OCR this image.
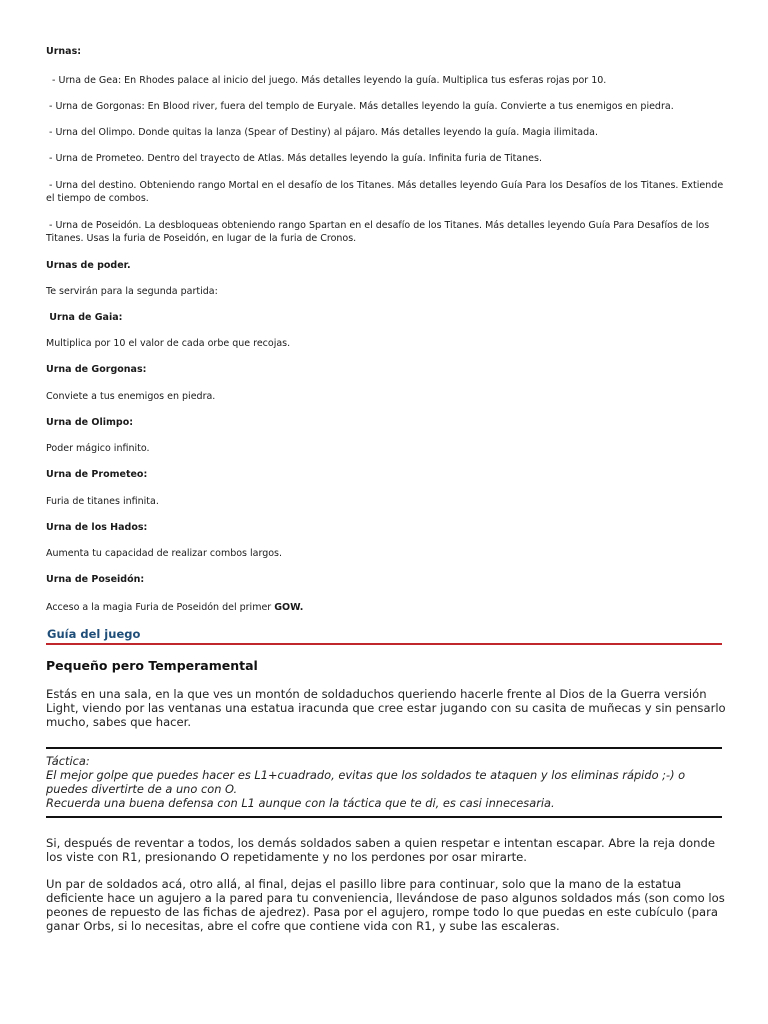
Urnas:

- Urna de Gea: En Rhodes palace al inicio del juego. Más detalles leyendo la guía. Multiplica tus esferas rojas por 10.

- Urna de Gorgonas: En Blood river, fuera del templo de Euryale. Más detalles leyendo la guía. Convierte a tus enemigos en piedra.

- Urna del Olimpo. Donde quitas la lanza (Spear of Destiny) al pájaro. Más detalles leyendo la guía. Magia ilimitada.

- Urna de Prometeo. Dentro del trayecto de Atlas. Más detalles leyendo la guía. Infinita furia de Titanes.

- Urna del destino. Obteniendo rango Mortal en el desafío de los Titanes. Más detalles leyendo Guía Para los Desafíos de los Titanes. Extiende el tiempo de combos.

- Urna de Poseidón. La desbloqueas obteniendo rango Spartan en el desafío de los Titanes. Más detalles leyendo Guía Para Desafíos de los Titanes. Usas la furia de Poseidón, en lugar de la furia de Cronos.

Urnas de poder.

Te servirán para la segunda partida:

Urna de Gaia:

Multiplica por 10 el valor de cada orbe que recojas.

Urna de Gorgonas:

Conviete a tus enemigos en piedra.

Urna de Olimpo:

Poder mágico infinito.

Urna de Prometeo:

Furia de titanes infinita.

Urna de los Hados:

Aumenta tu capacidad de realizar combos largos.

Urna de Poseidón:

Acceso a la magia Furia de Poseidón del primer GOW.

Guía del juego

Pequeño pero Temperamental

Estás en una sala, en la que ves un montón de soldaduchos queriendo hacerle frente al Dios de la Guerra versión Light, viendo por las ventanas una estatua iracunda que cree estar jugando con su casita de muñecas y sin pensarlo mucho, sabes que hacer.

Táctica:

El mejor golpe que puedes hacer es L1+cuadrado, evitas que los soldados te ataquen y los eliminas rápido ;-) o puedes divertirte de a uno con O.

Recuerda una buena defensa con L1 aunque con la táctica que te di, es casi innecesaria.

Si, después de reventar a todos, los demás soldados saben a quien respetar e intentan escapar. Abre la reja donde los viste con R1, presionando O repetidamente y no los perdones por osar mirarte.

Un par de soldados acá, otro allá, al final, dejas el pasillo libre para continuar, solo que la mano de la estatua deficiente hace un agujero a la pared para tu conveniencia, llevándose de paso algunos soldados más (son como los peones de repuesto de las fichas de ajedrez). Pasa por el agujero, rompe todo lo que puedas en este cubículo (para ganar Orbs, si lo necesitas, abre el cofre que contiene vida con R1, y sube las escaleras.
